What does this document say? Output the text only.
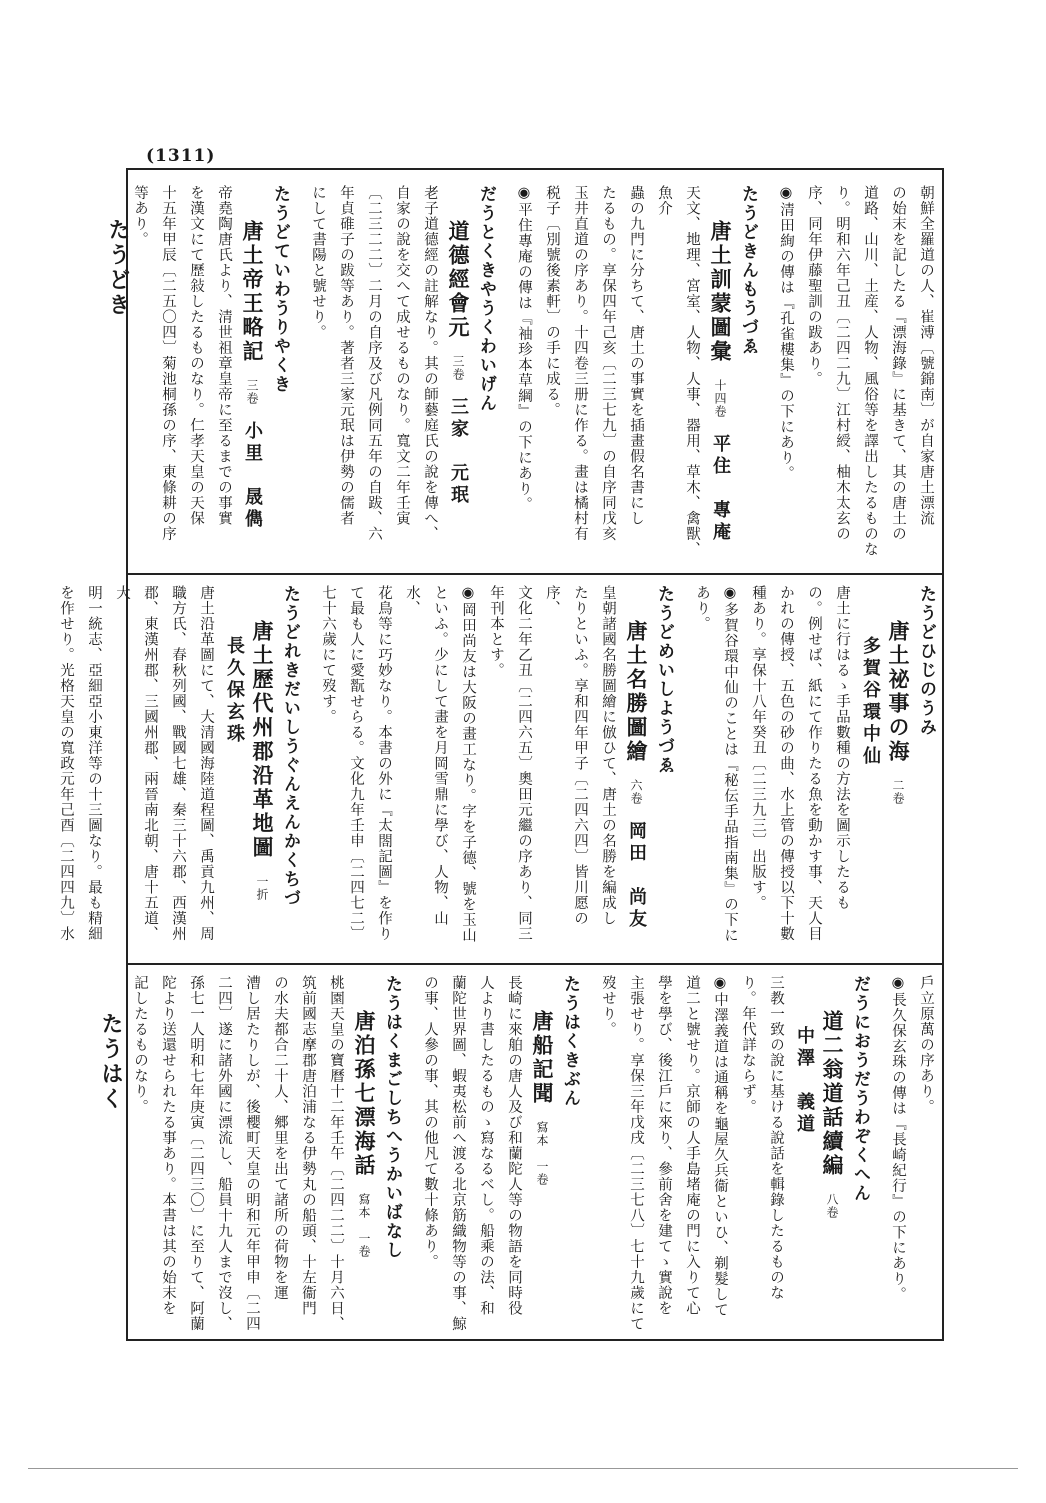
(1311)
たうどき
たうはく
朝鮮全羅道の人、崔溥〔號錦南〕が自家唐土漂流
の始末を記したる『漂海錄』に基きて、其の唐土の
道路、山川、土産、人物、風俗等を譯出したるものな
り。明和六年己丑〔二四二九〕江村綬、柚木太玄の
序、同年伊藤聖訓の跋あり。
◉清田絢の傳は『孔雀樓集』の下にあり。
たうどきんもうづゑ
唐土訓蒙圖彙十四卷平住　專庵
天文、地理、宮室、人物、人事、器用、草木、禽獸、魚介
蟲の九門に分ちて、唐土の事實を插畫假名書にし
たるもの。享保四年己亥〔二三七九〕の自序同戊亥
玉井直道の序あり。十四卷三册に作る。畫は橘村有
税子〔別號後素軒〕の手に成る。
◉平住專庵の傳は『袖珍本草綱』の下にあり。
だうとくきやうくわいげん
道德經會元三卷三家　元珉
老子道德經の註解なり。其の師藝庭氏の說を傳へ、
自家の說を交へて成せるものなり。寬文二年壬寅
〔二三二二〕二月の自序及び凡例同五年の自跋、六
年貞碓子の跋等あり。著者三家元珉は伊勢の儒者
にして書陽と號せり。
たうどていわうりやくき
唐土帝王略記三卷小里　晟儁
帝堯陶唐氏より、清世祖章皇帝に至るまでの事實
を漢文にて歷敍したるものなり。仁孝天皇の天保
十五年甲辰〔二五〇四〕菊池桐孫の序、東條耕の序
等あり。
たうどひじのうみ
唐土祕事の海二卷多賀谷環中仙
唐土に行はるゝ手品數種の方法を圖示したるも
の。例せば、紙にて作りたる魚を動かす事、天人目
かれの傳授、五色の砂の曲、水上管の傳授以下十數
種あり。享保十八年癸丑〔二三九三〕出版す。
◉多賀谷環中仙のことは『秘伝手品指南集』の下にあり。
たうどめいしようづゑ
唐土名勝圖繪六卷岡田　尚友
皇朝諸國名勝圖繪に倣ひて、唐土の名勝を編成し
たりといふ。享和四年甲子〔二四六四〕皆川愿の序、
文化二年乙丑〔二四六五〕奧田元繼の序あり、同三
年刊本とす。
◉岡田尚友は大阪の畫工なり。字を子德、號を玉山
といふ。少にして畫を月岡雪鼎に學び、人物、山水、
花鳥等に巧妙なり。本書の外に『太閤記圖』を作り
て最も人に愛翫せらる。文化九年壬申〔二四七二〕
七十六歲にて歿す。
たうどれきだいしうぐんえんかくちづ
唐土歷代州郡沿革地圖一折長久保玄珠
唐土沿革圖にて、大清國海陸道程圖、禹貢九州、周
職方氏、春秋列國、戰國七雄、秦三十六郡、西漢州
郡、東漢州郡、三國州郡、兩晉南北朝、唐十五道、大
明一統志、亞細亞小東洋等の十三圖なり。最も精細
を作せり。光格天皇の寬政元年己酉〔二四四九〕水
戶立原萬の序あり。
◉長久保玄珠の傳は『長崎紀行』の下にあり。
だうにおうだうわぞくへん
道二翁道話續編八卷中澤　義道
三教一致の說に基ける說話を輯錄したるものな
り。年代詳ならず。
◉中澤義道は通稱を龜屋久兵衞といひ、剃髮して
道二と號せり。京師の人手島堵庵の門に入りて心
學を學び、後江戶に來り、參前舍を建てゝ實說を
主張せり。享保三年戊戌〔二三七八〕七十九歲にて
歿せり。
たうはくきぶん
唐船記聞寫本　一卷
長崎に來舶の唐人及び和蘭陀人等の物語を同時役
人より書したるものゝ寫なるべし。船乘の法、和
蘭陀世界圖、蝦夷松前へ渡る北京筋織物等の事、鯨
の事、人參の事、其の他凡て數十條あり。
たうはくまごしちへうかいばなし
唐泊孫七漂海話寫本　一卷
桃園天皇の寶曆十二年壬午〔二四二二〕十月六日、
筑前國志摩郡唐泊浦なる伊勢丸の船頭、十左衞門
の水夫都合二十人、郷里を出て諸所の荷物を運
漕し居たりしが、後櫻町天皇の明和元年甲申〔二四
二四〕遂に諸外國に漂流し、船員十九人まで沒し、
孫七一人明和七年庚寅〔二四三〇〕に至りて、阿蘭
陀より送還せられたる事あり。本書は其の始末を
記したるものなり。
